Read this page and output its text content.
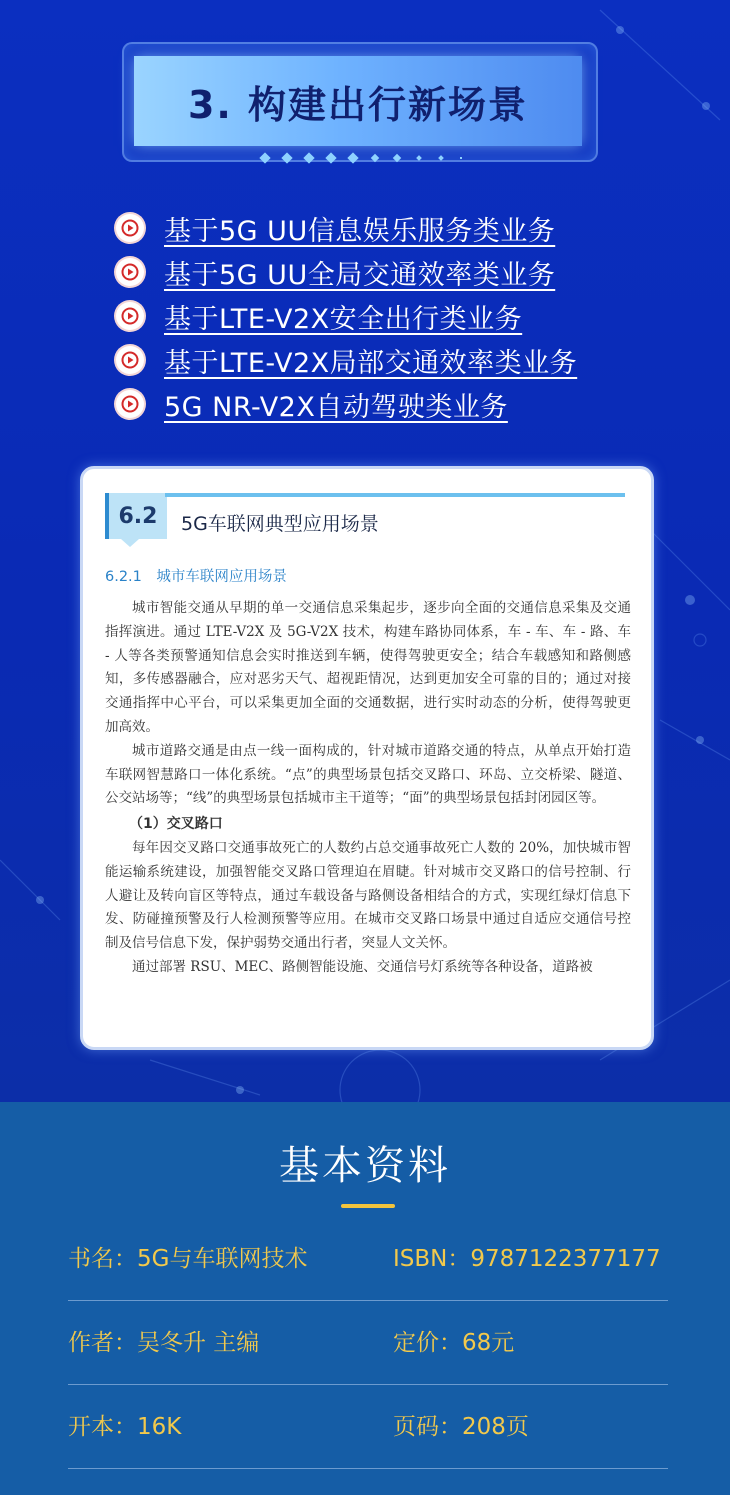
3. 构建出行新场景
基于5G UU信息娱乐服务类业务
基于5G UU全局交通效率类业务
基于LTE-V2X安全出行类业务
基于LTE-V2X局部交通效率类业务
5G NR-V2X自动驾驶类业务
6.2 5G车联网典型应用场景
6.2.1　城市车联网应用场景

城市智能交通从早期的单一交通信息采集起步，逐步向全面的交通信息采集及交通指挥演进。通过 LTE-V2X 及 5G-V2X 技术，构建车路协同体系，车 - 车、车 - 路、车 - 人等各类预警通知信息会实时推送到车辆，使得驾驶更安全；结合车载感知和路侧感知，多传感器融合，应对恶劣天气、超视距情况，达到更加安全可靠的目的；通过对接交通指挥中心平台，可以采集更加全面的交通数据，进行实时动态的分析，使得驾驶更加高效。

城市道路交通是由点一线一面构成的，针对城市道路交通的特点，从单点开始打造车联网智慧路口一体化系统。“点”的典型场景包括交叉路口、环岛、立交桥梁、隧道、公交站场等；“线”的典型场景包括城市主干道等；“面”的典型场景包括封闭园区等。

（1）交叉路口

每年因交叉路口交通事故死亡的人数约占总交通事故死亡人数的 20%，加快城市智能运输系统建设，加强智能交叉路口管理迫在眉睫。针对城市交叉路口的信号控制、行人避让及转向盲区等特点，通过车载设备与路侧设备相结合的方式，实现红绿灯信息下发、防碰撞预警及行人检测预警等应用。在城市交叉路口场景中通过自适应交通信号控制及信号信息下发，保护弱势交通出行者，突显人文关怀。

通过部署 RSU、MEC、路侧智能设施、交通信号灯系统等各种设备，道路被

基本资料
书名：5G与车联网技术	ISBN：9787122377177
作者：吴冬升 主编	定价：68元
开本：16K	页码：208页
